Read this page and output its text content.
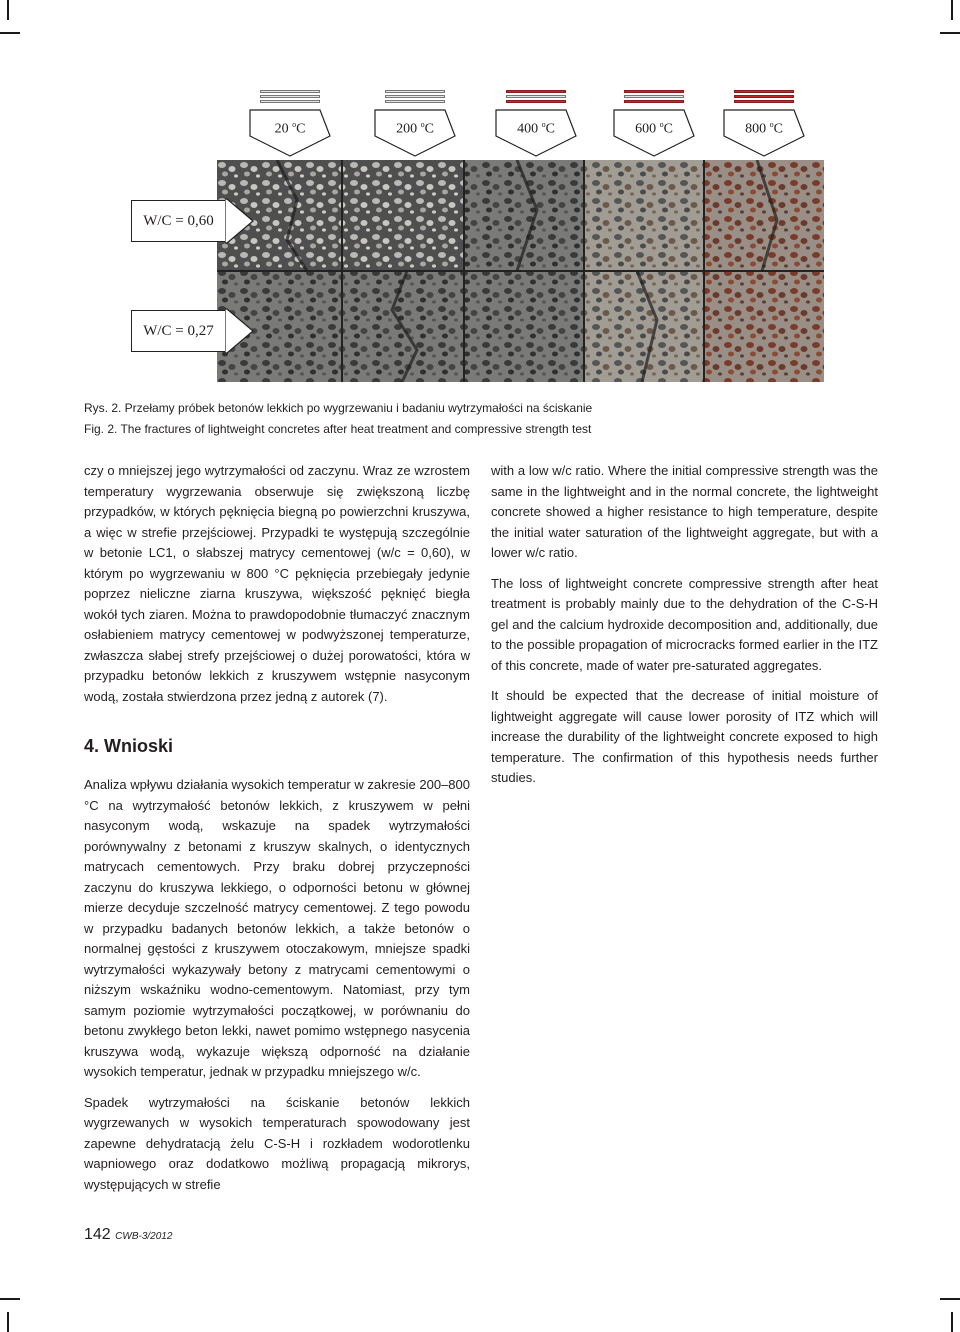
20 $^o$C	200 $^o$C	400 $^o$C	600 $^o$C	800 $^o$C
W/C = 0,60
W/C = 0,27
Rys. 2. Przełamy próbek betonów lekkich po wygrzewaniu i badaniu wytrzymałości na ściskanie
Fig. 2. The fractures of lightweight concretes after heat treatment and compressive strength test

czy o mniejszej jego wytrzymałości od zaczynu. Wraz ze wzrostem temperatury wygrzewania obserwuje się zwiększoną liczbę przypadków, w których pęknięcia biegną po powierzchni kruszywa, a więc w strefie przejściowej. Przypadki te występują szczególnie w betonie LC1, o słabszej matrycy cementowej (w/c = 0,60), w którym po wygrzewaniu w 800 °C pęknięcia przebiegały jedynie poprzez nieliczne ziarna kruszywa, większość pęknięć biegła wokół tych ziaren. Można to prawdopodobnie tłumaczyć znacznym osłabieniem matrycy cementowej w podwyższonej temperaturze, zwłaszcza słabej strefy przejściowej o dużej porowatości, która w przypadku betonów lekkich z kruszywem wstępnie nasyconym wodą, została stwierdzona przez jedną z autorek (7).

4. Wnioski

Analiza wpływu działania wysokich temperatur w zakresie 200–800 °C na wytrzymałość betonów lekkich, z kruszywem w pełni nasyconym wodą, wskazuje na spadek wytrzymałości porównywalny z betonami z kruszyw skalnych, o identycznych matrycach cementowych. Przy braku dobrej przyczepności zaczynu do kruszywa lekkiego, o odporności betonu w głównej mierze decyduje szczelność matrycy cementowej. Z tego powodu w przypadku badanych betonów lekkich, a także betonów o normalnej gęstości z kruszywem otoczakowym, mniejsze spadki wytrzymałości wykazywały betony z matrycami cementowymi o niższym wskaźniku wodno-cementowym. Natomiast, przy tym samym poziomie wytrzymałości początkowej, w porównaniu do betonu zwykłego beton lekki, nawet pomimo wstępnego nasycenia kruszywa wodą, wykazuje większą odporność na działanie wysokich temperatur, jednak w przypadku mniejszego w/c.

Spadek wytrzymałości na ściskanie betonów lekkich wygrzewanych w wysokich temperaturach spowodowany jest zapewne dehydratacją żelu C-S-H i rozkładem wodorotlenku wapniowego oraz dodatkowo możliwą propagacją mikrorys, występujących w strefie

with a low w/c ratio. Where the initial compressive strength was the same in the lightweight and in the normal concrete, the lightweight concrete showed a higher resistance to high temperature, despite the initial water saturation of the lightweight aggregate, but with a lower w/c ratio.

The loss of lightweight concrete compressive strength after heat treatment is probably mainly due to the dehydration of the C-S-H gel and the calcium hydroxide decomposition and, additionally, due to the possible propagation of microcracks formed earlier in the ITZ of this concrete, made of water pre-saturated aggregates.

It should be expected that the decrease of initial moisture of lightweight aggregate will cause lower porosity of ITZ which will increase the durability of the lightweight concrete exposed to high temperature. The confirmation of this hypothesis needs further studies.

142 CWB-3/2012
